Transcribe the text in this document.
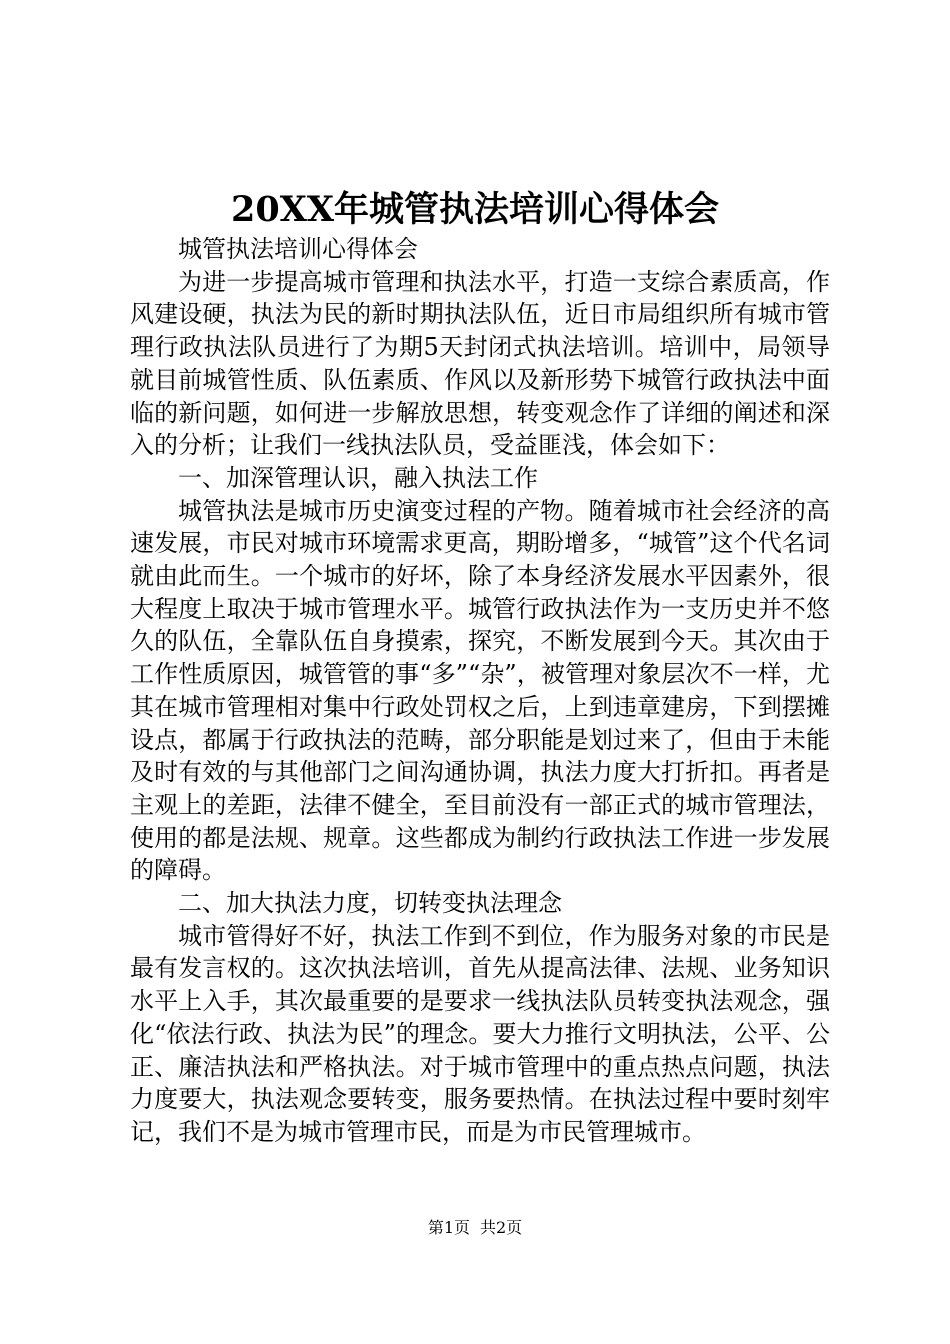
20XX年城管执法培训心得体会

城管执法培训心得体会

为进一步提高城市管理和执法水平，打造一支综合素质高，作风建设硬，执法为民的新时期执法队伍，近日市局组织所有城市管理行政执法队员进行了为期5天封闭式执法培训。培训中，局领导就目前城管性质、队伍素质、作风以及新形势下城管行政执法中面临的新问题，如何进一步解放思想，转变观念作了详细的阐述和深入的分析；让我们一线执法队员，受益匪浅，体会如下：

一、加深管理认识，融入执法工作

城管执法是城市历史演变过程的产物。随着城市社会经济的高速发展，市民对城市环境需求更高，期盼增多，“城管”这个代名词就由此而生。一个城市的好坏，除了本身经济发展水平因素外，很大程度上取决于城市管理水平。城管行政执法作为一支历史并不悠久的队伍，全靠队伍自身摸索，探究，不断发展到今天。其次由于工作性质原因，城管管的事“多”“杂”，被管理对象层次不一样，尤其在城市管理相对集中行政处罚权之后，上到违章建房，下到摆摊设点，都属于行政执法的范畴，部分职能是划过来了，但由于未能及时有效的与其他部门之间沟通协调，执法力度大打折扣。再者是主观上的差距，法律不健全，至目前没有一部正式的城市管理法，使用的都是法规、规章。这些都成为制约行政执法工作进一步发展的障碍。

二、加大执法力度，切转变执法理念

城市管得好不好，执法工作到不到位，作为服务对象的市民是最有发言权的。这次执法培训，首先从提高法律、法规、业务知识水平上入手，其次最重要的是要求一线执法队员转变执法观念，强化“依法行政、执法为民”的理念。要大力推行文明执法，公平、公正、廉洁执法和严格执法。对于城市管理中的重点热点问题，执法力度要大，执法观念要转变，服务要热情。在执法过程中要时刻牢记，我们不是为城市管理市民，而是为市民管理城市。

第1页 共2页
